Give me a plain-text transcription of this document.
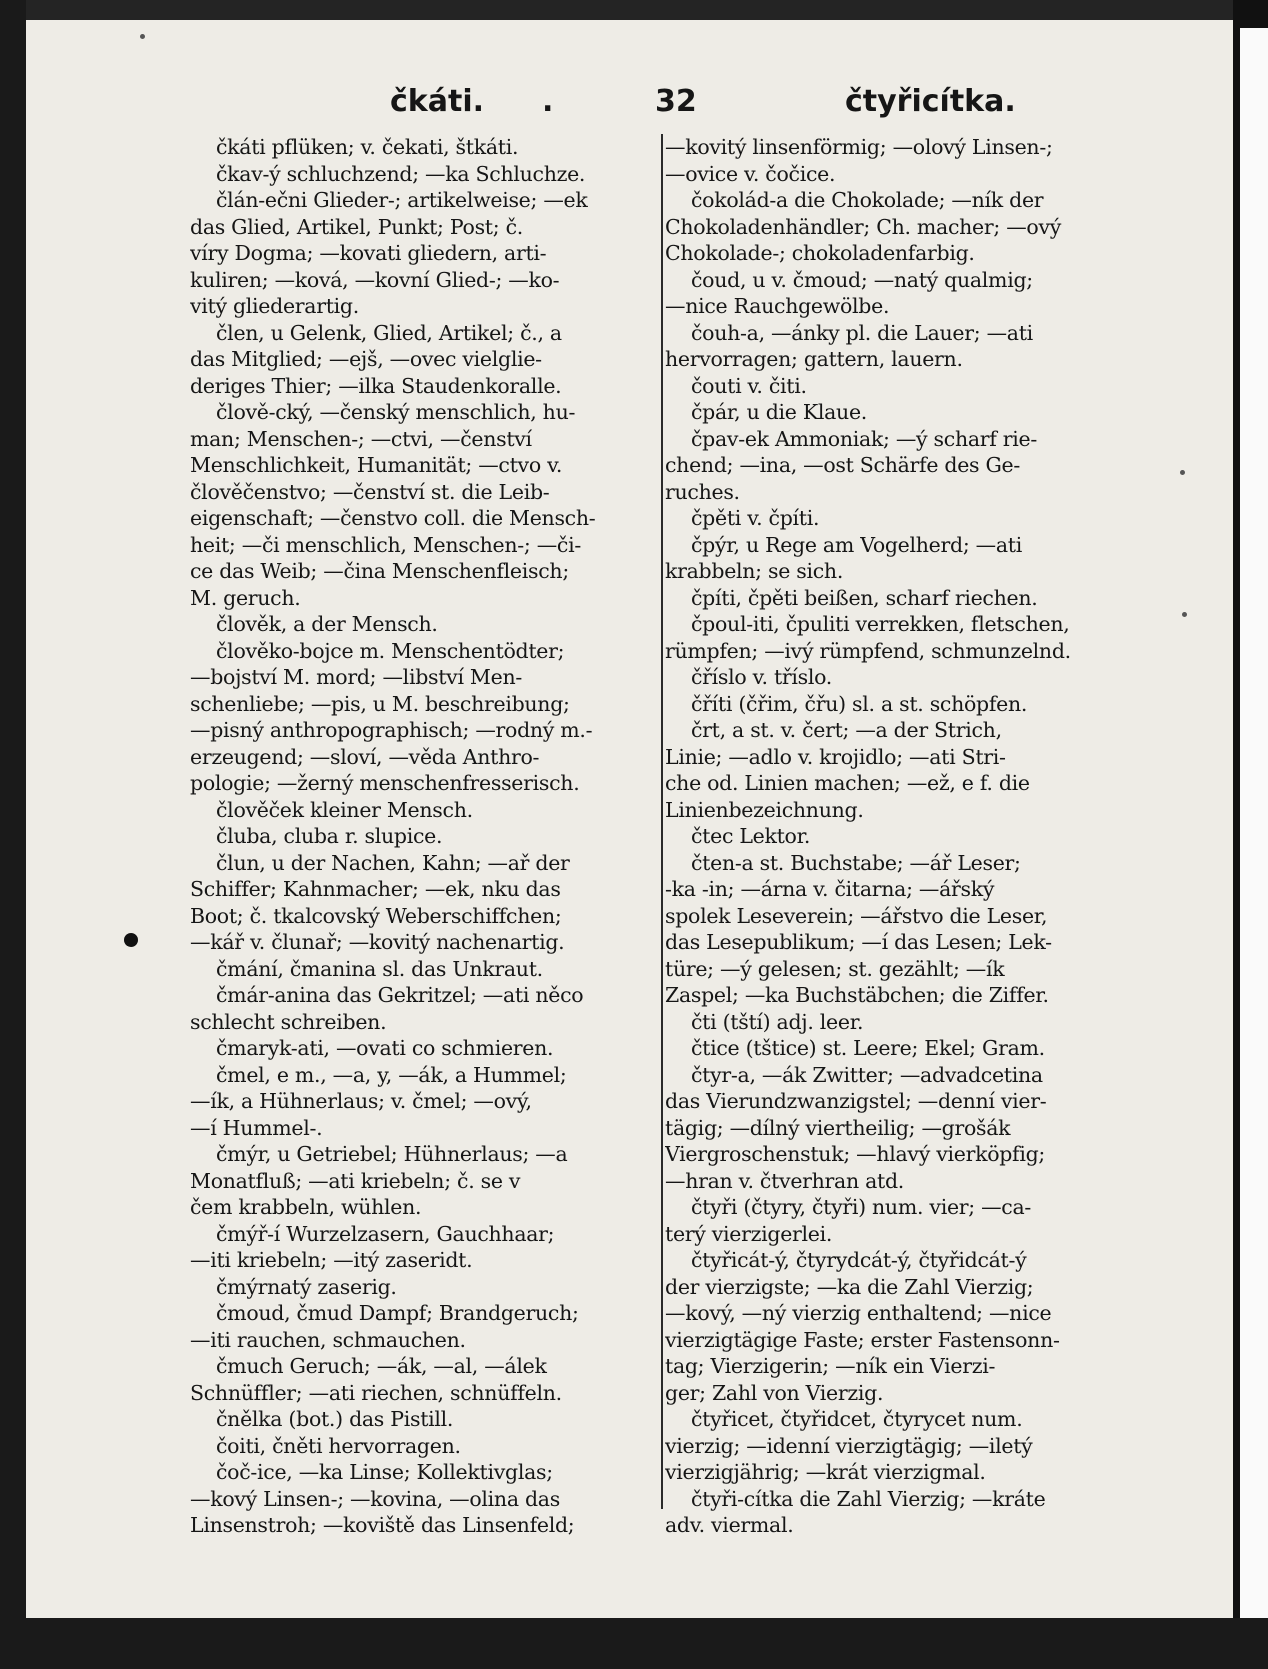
čkáti. .	32	čtyřicítka.
čkáti pflüken; v. čekati, štkáti.
čkav-ý schluchzend; —ka Schluchze.
člán-ečni Glieder-; artikelweise; —ek
das Glied, Artikel, Punkt; Post; č.
víry Dogma; —kovati gliedern, arti-
kuliren; —ková, —kovní Glied-; —ko-
vitý gliederartig.
člen, u Gelenk, Glied, Artikel; č., a
das Mitglied; —ejš, —ovec vielglie-
deriges Thier; —ilka Staudenkoralle.
člově-cký, —čenský menschlich, hu-
man; Menschen-; —ctvi, —čenství
Menschlichkeit, Humanität; —ctvo v.
člověčenstvo; —čenství st. die Leib-
eigenschaft; —čenstvo coll. die Mensch-
heit; —či menschlich, Menschen-; —či-
ce das Weib; —čina Menschenfleisch;
M. geruch.
člověk, a der Mensch.
člověko-bojce m. Menschentödter;
—bojství M. mord; —libství Men-
schenliebe; —pis, u M. beschreibung;
—pisný anthropographisch; —rodný m.-
erzeugend; —sloví, —věda Anthro-
pologie; —žerný menschenfresserisch.
člověček kleiner Mensch.
čluba, cluba r. slupice.
člun, u der Nachen, Kahn; —ař der
Schiffer; Kahnmacher; —ek, nku das
Boot; č. tkalcovský Weberschiffchen;
—kář v. člunař; —kovitý nachenartig.
čmání, čmanina sl. das Unkraut.
čmár-anina das Gekritzel; —ati něco
schlecht schreiben.
čmaryk-ati, —ovati co schmieren.
čmel, e m., —a, y, —ák, a Hummel;
—ík, a Hühnerlaus; v. čmel; —ový,
—í Hummel-.
čmýr, u Getriebel; Hühnerlaus; —a
Monatfluß; —ati kriebeln; č. se v
čem krabbeln, wühlen.
čmýř-í Wurzelzasern, Gauchhaar;
—iti kriebeln; —itý zaseridt.
čmýrnatý zaserig.
čmoud, čmud Dampf; Brandgeruch;
—iti rauchen, schmauchen.
čmuch Geruch; —ák, —al, —álek
Schnüffler; —ati riechen, schnüffeln.
čnělka (bot.) das Pistill.
čoiti, čněti hervorragen.
čoč-ice, —ka Linse; Kollektivglas;
—kový Linsen-; —kovina, —olina das
Linsenstroh; —koviště das Linsenfeld;
—kovitý linsenförmig; —olový Linsen-;
—ovice v. čočice.
čokolád-a die Chokolade; —ník der
Chokoladenhändler; Ch. macher; —ový
Chokolade-; chokoladenfarbig.
čoud, u v. čmoud; —natý qualmig;
—nice Rauchgewölbe.
čouh-a, —ánky pl. die Lauer; —ati
hervorragen; gattern, lauern.
čouti v. čiti.
čpár, u die Klaue.
čpav-ek Ammoniak; —ý scharf rie-
chend; —ina, —ost Schärfe des Ge-
ruches.
čpěti v. čpíti.
čpýr, u Rege am Vogelherd; —ati
krabbeln; se sich.
čpíti, čpěti beißen, scharf riechen.
čpoul-iti, čpuliti verrekken, fletschen,
rümpfen; —ivý rümpfend, schmunzelnd.
čříslo v. tříslo.
čříti (čřim, čřu) sl. a st. schöpfen.
črt, a st. v. čert; —a der Strich,
Linie; —adlo v. krojidlo; —ati Stri-
che od. Linien machen; —ež, e f. die
Linienbezeichnung.
čtec Lektor.
čten-a st. Buchstabe; —ář Leser;
-ka -in; —árna v. čitarna; —ářský
spolek Leseverein; —ářstvo die Leser,
das Lesepublikum; —í das Lesen; Lek-
türe; —ý gelesen; st. gezählt; —ík
Zaspel; —ka Buchstäbchen; die Ziffer.
čti (tští) adj. leer.
čtice (tštice) st. Leere; Ekel; Gram.
čtyr-a, —ák Zwitter; —advadcetina
das Vierundzwanzigstel; —denní vier-
tägig; —dílný viertheilig; —grošák
Viergroschenstuk; —hlavý vierköpfig;
—hran v. čtverhran atd.
čtyři (čtyry, čtyři) num. vier; —ca-
terý vierzigerlei.
čtyřicát-ý, čtyrydcát-ý, čtyřidcát-ý
der vierzigste; —ka die Zahl Vierzig;
—kový, —ný vierzig enthaltend; —nice
vierzigtägige Faste; erster Fastensonn-
tag; Vierzigerin; —ník ein Vierzi-
ger; Zahl von Vierzig.
čtyřicet, čtyřidcet, čtyrycet num.
vierzig; —idenní vierzigtägig; —iletý
vierzigjährig; —krát vierzigmal.
čtyři-cítka die Zahl Vierzig; —kráte
adv. viermal.
